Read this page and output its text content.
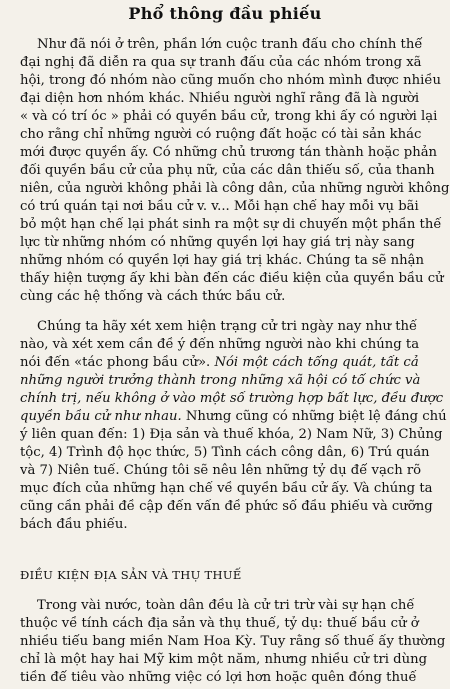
Phổ thông đầu phiếu
Như đã nói ở trên, phần lớn cuộc tranh đấu cho chính thể
đại nghị đã diễn ra qua sự tranh đấu của các nhóm trong xã
hội, trong đó nhóm nào cũng muốn cho nhóm mình được nhiều
đại diện hơn nhóm khác. Nhiều người nghĩ rằng đã là người
« và có trí óc » phải có quyền bầu cử, trong khi ấy có người lại
cho rằng chỉ những người có ruộng đất hoặc có tài sản khác
mới được quyền ấy. Có những chủ trương tán thành hoặc phản
đối quyền bầu cử của phụ nữ, của các dân thiểu số, của thanh
niên, của người không phải là công dân, của những người không
có trú quán tại nơi bầu cử v. v... Mỗi hạn chế hay mỗi vụ bãi
bỏ một hạn chế lại phát sinh ra một sự di chuyển một phần thế
lực từ những nhóm có những quyền lợi hay giá trị này sang
những nhóm có quyền lợi hay giá trị khác. Chúng ta sẽ nhận
thấy hiện tượng ấy khi bàn đến các điều kiện của quyền bầu cử
cùng các hệ thống và cách thức bầu cử.
Chúng ta hãy xét xem hiện trạng cử tri ngày nay như thế
nào, và xét xem cần đề ý đến những người nào khi chúng ta
nói đến «tác phong bầu cử». Nói một cách tổng quát, tất cả
những người trưởng thành trong những xã hội có tổ chức và
chính trị, nếu không ở vào một số trường hợp bất lực, đều được
quyền bầu cử như nhau. Nhưng cũng có những biệt lệ đáng chú
ý liên quan đến: 1) Địa sản và thuế khóa, 2) Nam Nữ, 3) Chủng
tộc, 4) Trình độ học thức, 5) Tình cách công dân, 6) Trú quán
và 7) Niên tuế. Chúng tôi sẽ nêu lên những tỷ dụ để vạch rõ
mục đích của những hạn chế về quyền bầu cử ấy. Và chúng ta
cũng cần phải đề cập đến vấn đề phức số đầu phiếu và cưỡng
bách đầu phiếu.
ĐIỀU KIỆN ĐỊA SẢN VÀ THỤ THUẾ
Trong vài nước, toàn dân đều là cử tri trừ vài sự hạn chế
thuộc về tính cách địa sản và thụ thuế, tỷ dụ: thuế bầu cử ở
nhiều tiểu bang miền Nam Hoa Kỳ. Tuy rằng số thuế ấy thường
chỉ là một hay hai Mỹ kim một năm, nhưng nhiều cử tri dùng
tiền để tiêu vào những việc có lợi hơn hoặc quên đóng thuế
